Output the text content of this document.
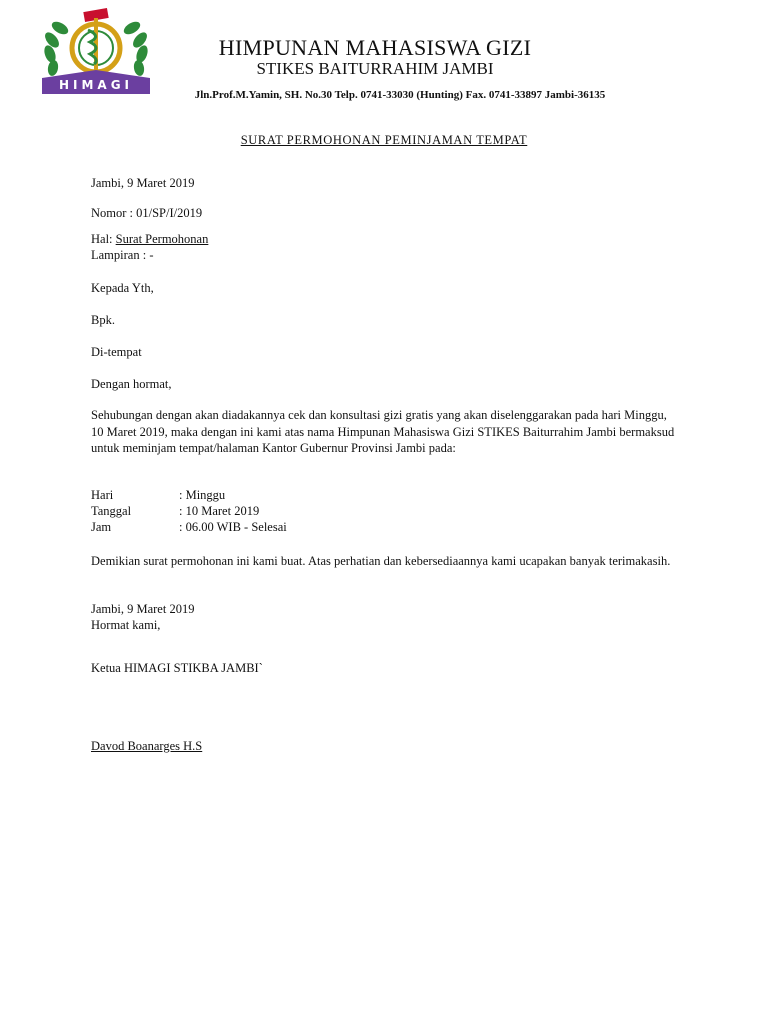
HIMAGI
HIMPUNAN MAHASISWA GIZI
STIKES BAITURRAHIM JAMBI

Jln.Prof.M.Yamin, SH. No.30 Telp. 0741-33030 (Hunting) Fax. 0741-33897 Jambi-36135

SURAT PERMOHONAN PEMINJAMAN TEMPAT

Jambi, 9 Maret 2019

Nomor : 01/SP/I/2019

Hal: Surat Permohonan

Lampiran : -

Kepada Yth,

Bpk.

Di-tempat

Dengan hormat,

Sehubungan dengan akan diadakannya cek dan konsultasi gizi gratis yang akan diselenggarakan pada hari Minggu, 10 Maret 2019, maka dengan ini kami atas nama Himpunan Mahasiswa Gizi STIKES Baiturrahim Jambi bermaksud untuk meminjam tempat/halaman Kantor Gubernur Provinsi Jambi pada:

Hari	: Minggu
Tanggal	: 10 Maret 2019
Jam	: 06.00 WIB - Selesai

Demikian surat permohonan ini kami buat. Atas perhatian dan kebersediaannya kami ucapakan banyak terimakasih.

Jambi, 9 Maret 2019

Hormat kami,

Ketua HIMAGI STIKBA JAMBI`

Davod Boanarges H.S
